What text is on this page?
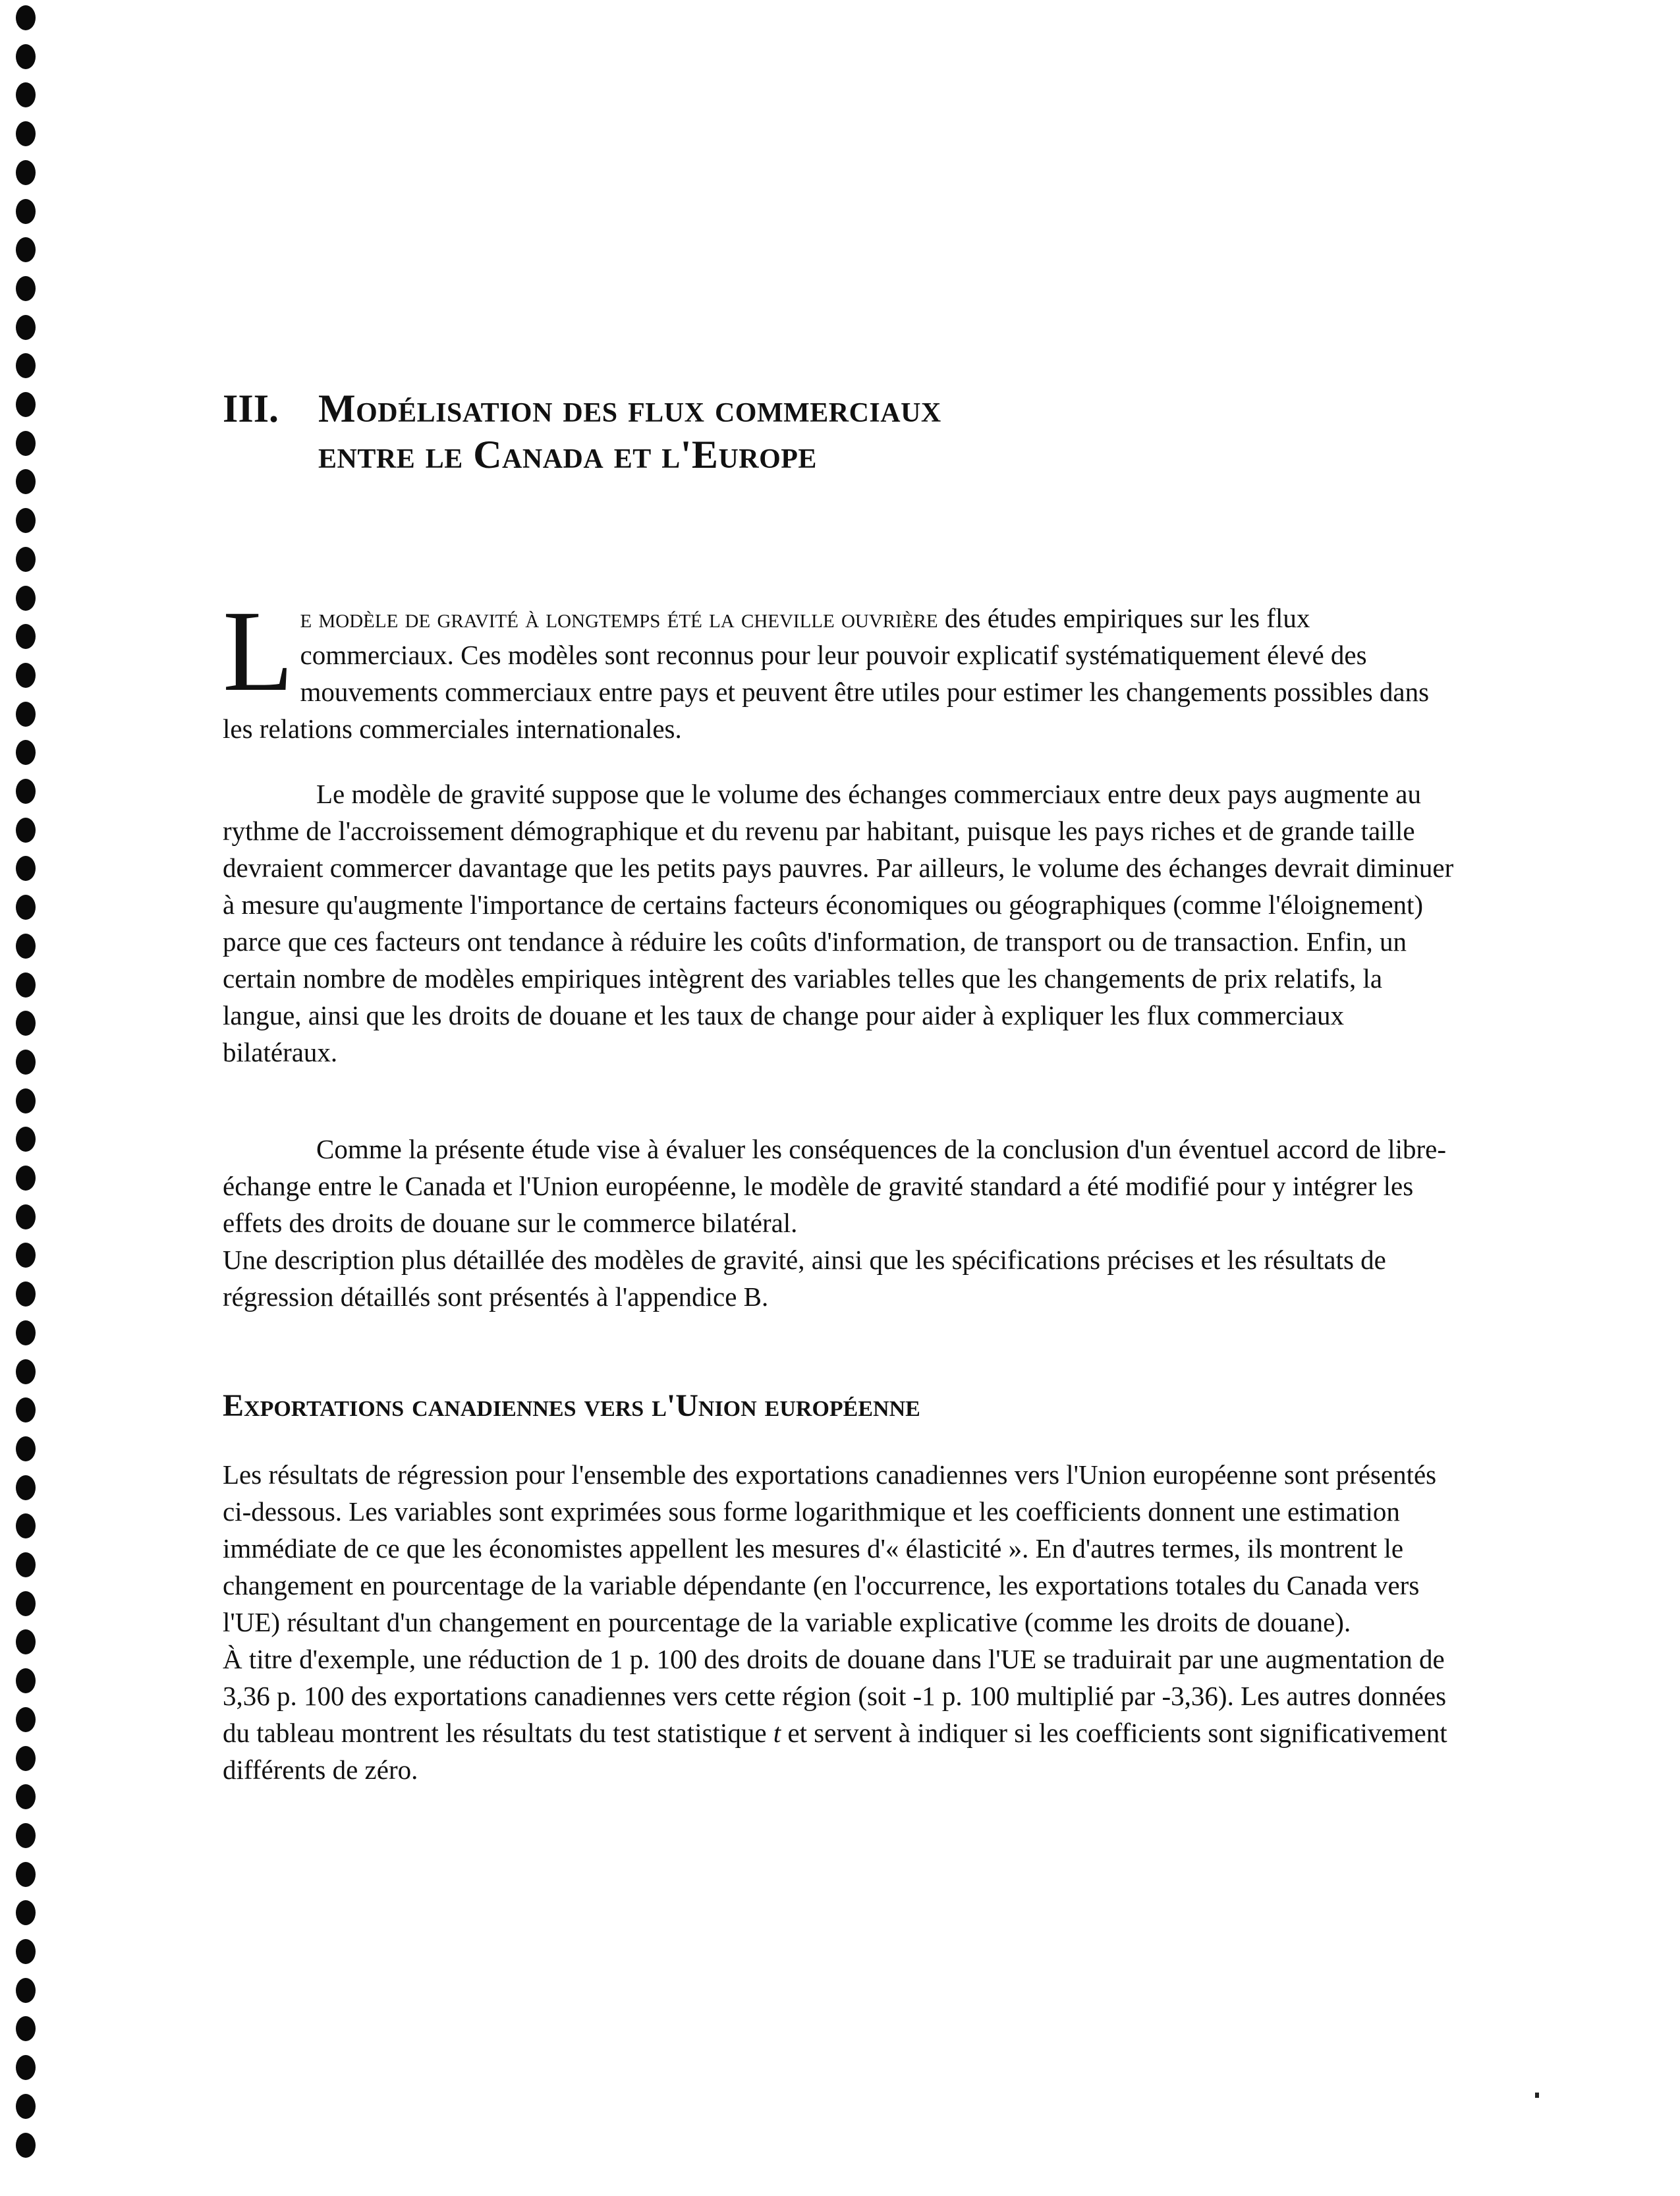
III. Modélisation des flux commerciaux
entre le Canada et l'Europe
L e modèle de gravité à longtemps été la cheville ouvrière des études empiriques sur les flux commerciaux. Ces modèles sont reconnus pour leur pouvoir explicatif systématiquement élevé des mouvements commerciaux entre pays et peuvent être utiles pour estimer les changements possibles dans les relations commerciales internationales.

Le modèle de gravité suppose que le volume des échanges commerciaux entre deux pays augmente au rythme de l'accroissement démographique et du revenu par habitant, puisque les pays riches et de grande taille devraient commercer davantage que les petits pays pauvres. Par ailleurs, le volume des échanges devrait diminuer à mesure qu'augmente l'importance de certains facteurs économiques ou géographiques (comme l'éloignement) parce que ces facteurs ont tendance à réduire les coûts d'information, de transport ou de transaction. Enfin, un certain nombre de modèles empiriques intègrent des variables telles que les changements de prix relatifs, la langue, ainsi que les droits de douane et les taux de change pour aider à expliquer les flux commerciaux bilatéraux.

Comme la présente étude vise à évaluer les conséquences de la conclusion d'un éventuel accord de libre-échange entre le Canada et l'Union européenne, le modèle de gravité standard a été modifié pour y intégrer les effets des droits de douane sur le commerce bilatéral.

Une description plus détaillée des modèles de gravité, ainsi que les spécifications précises et les résultats de régression détaillés sont présentés à l'appendice B.

Exportations canadiennes vers l'Union européenne

Les résultats de régression pour l'ensemble des exportations canadiennes vers l'Union européenne sont présentés ci-dessous. Les variables sont exprimées sous forme logarithmique et les coefficients donnent une estimation immédiate de ce que les économistes appellent les mesures d'« élasticité ». En d'autres termes, ils montrent le changement en pourcentage de la variable dépendante (en l'occurrence, les exportations totales du Canada vers l'UE) résultant d'un changement en pourcentage de la variable explicative (comme les droits de douane).

À titre d'exemple, une réduction de 1 p. 100 des droits de douane dans l'UE se traduirait par une augmentation de 3,36 p. 100 des exportations canadiennes vers cette région (soit -1 p. 100 multiplié par -3,36). Les autres données du tableau montrent les résultats du test statistique t et servent à indiquer si les coefficients sont significativement différents de zéro.
